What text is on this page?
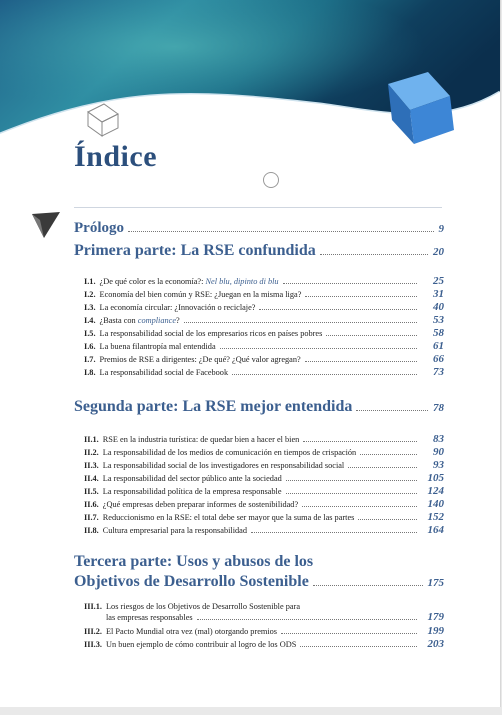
Índice
Prólogo	9
Primera parte: La RSE confundida	20
I.1. ¿De qué color es la economía?: Nel blu, dipinto di blu	25
I.2. Economía del bien común y RSE: ¿Juegan en la misma liga?	31
I.3. La economía circular: ¿Innovación o reciclaje?	40
I.4. ¿Basta con compliance?	53
I.5. La responsabilidad social de los empresarios ricos en países pobres	58
I.6. La buena filantropía mal entendida	61
I.7. Premios de RSE a dirigentes: ¿De qué? ¿Qué valor agregan?	66
I.8. La responsabilidad social de Facebook	73
Segunda parte: La RSE mejor entendida	78
II.1. RSE en la industria turística: de quedar bien a hacer el bien	83
II.2. La responsabilidad de los medios de comunicación en tiempos de crispación	90
II.3. La responsabilidad social de los investigadores en responsabilidad social	93
II.4. La responsabilidad del sector público ante la sociedad	105
II.5. La responsabilidad política de la empresa responsable	124
II.6. ¿Qué empresas deben preparar informes de sostenibilidad?	140
II.7. Reduccionismo en la RSE: el total debe ser mayor que la suma de las partes	152
II.8. Cultura empresarial para la responsabilidad	164
Tercera parte: Usos y abusos de los
Objetivos de Desarrollo Sostenible	175
III.1. Los riesgos de los Objetivos de Desarrollo Sostenible para
las empresas responsables	179
III.2. El Pacto Mundial otra vez (mal) otorgando premios	199
III.3. Un buen ejemplo de cómo contribuir al logro de los ODS	203
